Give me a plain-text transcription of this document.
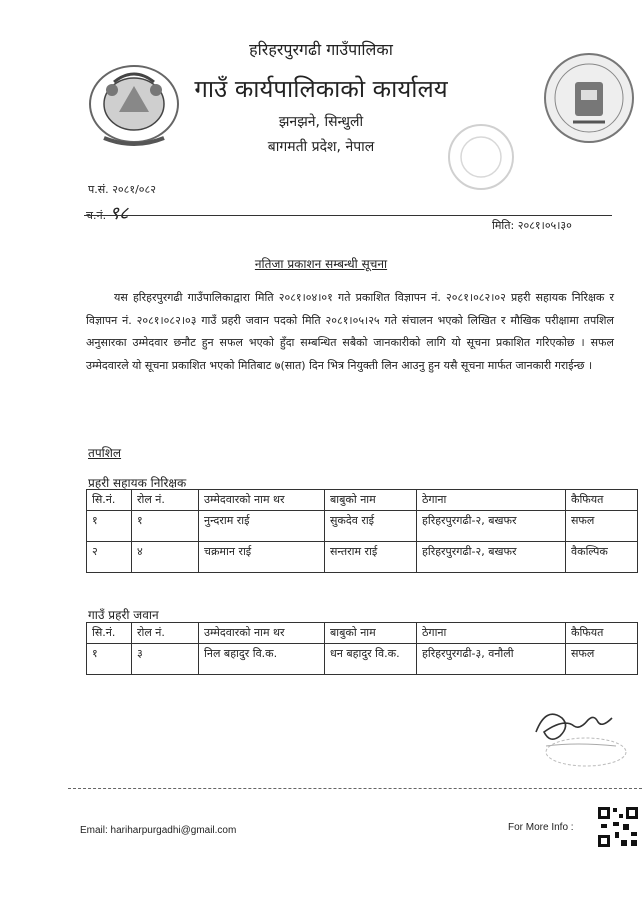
हरिहरपुरगढी गाउँपालिका
गाउँ कार्यपालिकाको कार्यालय
झनझने, सिन्धुली
बागमती प्रदेश, नेपाल
प.सं. २०८१/०८२
च.नं. ९८
मिति: २०८१।०५।३०
नतिजा प्रकाशन सम्बन्धी सूचना
यस हरिहरपुरगढी गाउँपालिकाद्वारा मिति २०८१।०४।०१ गते प्रकाशित विज्ञापन नं. २०८१।०८२।०२ प्रहरी सहायक निरिक्षक र विज्ञापन नं. २०८१।०८२।०३ गाउँ प्रहरी जवान पदको मिति २०८१।०५।२५ गते संचालन भएको लिखित र मौखिक परीक्षामा तपशिल अनुसारका उम्मेदवार छनौट हुन सफल भएको हुँदा सम्बन्धित सबैको जानकारीको लागि यो सूचना प्रकाशित गरिएकोछ । सफल उम्मेदवारले यो सूचना प्रकाशित भएको मितिबाट ७(सात) दिन भित्र नियुक्ती लिन आउनु हुन यसै सूचना मार्फत जानकारी गराईन्छ ।
तपशिल
प्रहरी सहायक निरिक्षक
सि.नं.	रोल नं.	उम्मेदवारको नाम थर	बाबुको नाम	ठेगाना	कैफियत
१	१	नुन्दराम राई	सुकदेव राई	हरिहरपुरगढी-२, बखफर	सफल
२	४	चक्रमान राई	सन्तराम राई	हरिहरपुरगढी-२, बखफर	वैकल्पिक
गाउँ प्रहरी जवान
सि.नं.	रोल नं.	उम्मेदवारको नाम थर	बाबुको नाम	ठेगाना	कैफियत
१	३	निल बहादुर वि.क.	धन बहादुर वि.क.	हरिहरपुरगढी-३, वनौली	सफल
Email: hariharpurgadhi@gmail.com	For More Info :
